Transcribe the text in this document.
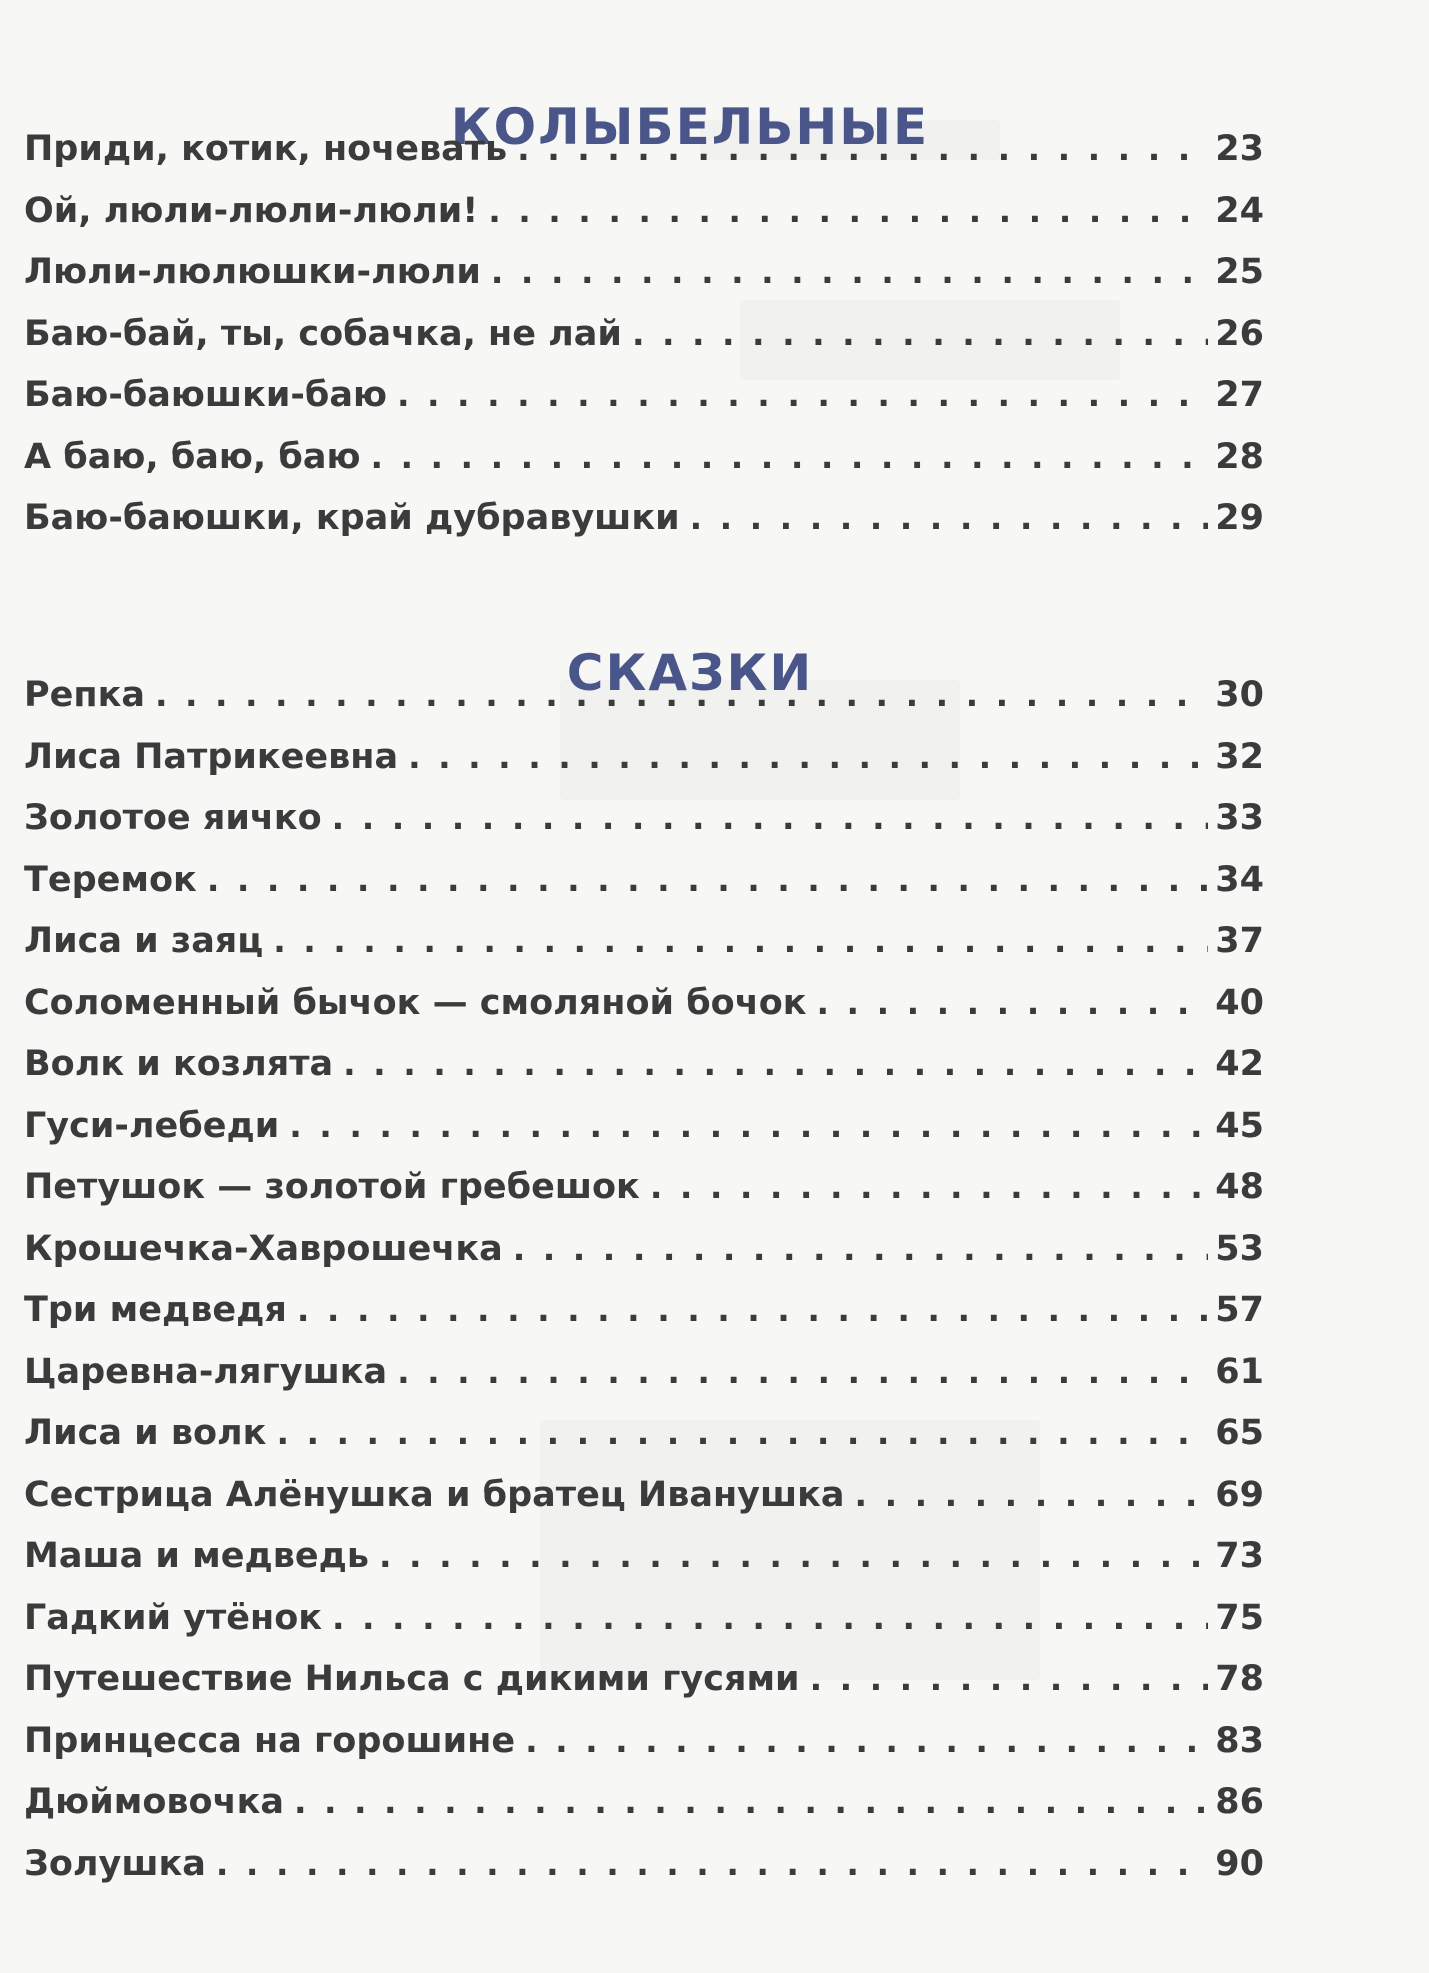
КОЛЫБЕЛЬНЫЕ
Приди, котик, ночевать . . .	23
Ой, люли-люли-люли! . . .	24
Люли-люлюшки-люли . . .	25
Баю-бай, ты, собачка, не лай . . .	26
Баю-баюшки-баю . . .	27
А баю, баю, баю . . .	28
Баю-баюшки, край дубравушки . . .	29
СКАЗКИ
Репка . . .	30
Лиса Патрикеевна . . .	32
Золотое яичко . . .	33
Теремок . . .	34
Лиса и заяц . . .	37
Соломенный бычок — смоляной бочок . . .	40
Волк и козлята . . .	42
Гуси-лебеди . . .	45
Петушок — золотой гребешок . . .	48
Крошечка-Хаврошечка . . .	53
Три медведя . . .	57
Царевна-лягушка . . .	61
Лиса и волк . . .	65
Сестрица Алёнушка и братец Иванушка . . .	69
Маша и медведь . . .	73
Гадкий утёнок . . .	75
Путешествие Нильса с дикими гусями . . .	78
Принцесса на горошине . . .	83
Дюймовочка . . .	86
Золушка . . .	90
